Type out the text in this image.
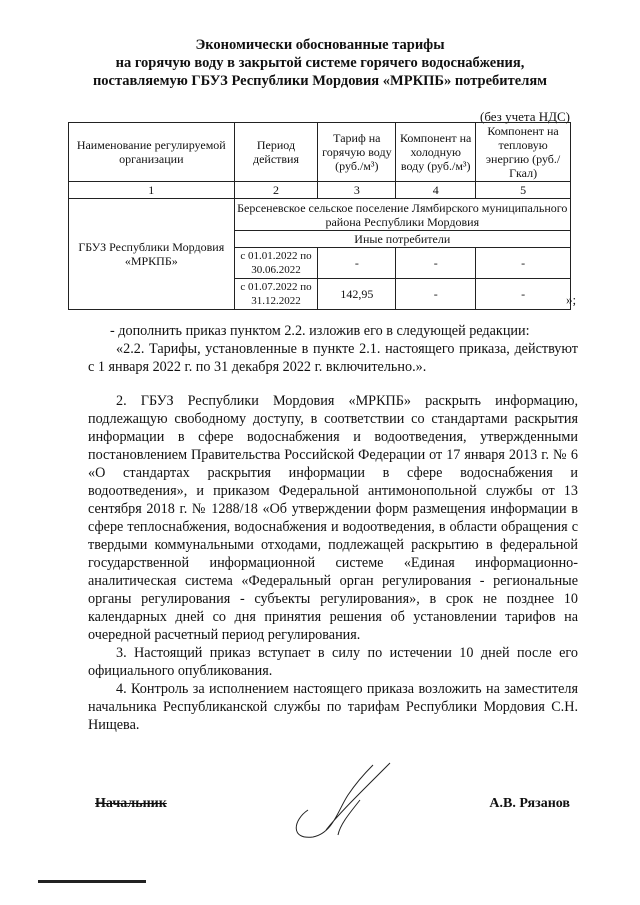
Экономически обоснованные тарифы
на горячую воду в закрытой системе горячего водоснабжения,
поставляемую ГБУЗ Республики Мордовия «МРКПБ» потребителям
(без учета НДС)
Наименование регулируемой организации	Период действия	Тариф на горячую воду (руб./м³)	Компонент на холодную воду (руб./м³)	Компонент на тепловую энергию (руб./Гкал)
1	2	3	4	5
ГБУЗ Республики Мордовия «МРКПБ»	Берсеневское сельское поселение Лямбирского муниципального района Республики Мордовия			
	Иные потребители			
	с 01.01.2022 по 30.06.2022	-	-	-
	с 01.07.2022 по 31.12.2022	142,95	-	-	»;

- дополнить приказ пунктом 2.2. изложив его в следующей редакции:

«2.2. Тарифы, установленные в пункте 2.1. настоящего приказа, действуют с 1 января 2022 г. по 31 декабря 2022 г. включительно.».

2. ГБУЗ Республики Мордовия «МРКПБ» раскрыть информацию, подлежащую свободному доступу, в соответствии со стандартами раскрытия информации в сфере водоснабжения и водоотведения, утвержденными постановлением Правительства Российской Федерации от 17 января 2013 г. № 6 «О стандартах раскрытия информации в сфере водоснабжения и водоотведения», и приказом Федеральной антимонопольной службы от 13 сентября 2018 г. № 1288/18 «Об утверждении форм размещения информации в сфере теплоснабжения, водоснабжения и водоотведения, в области обращения с твердыми коммунальными отходами, подлежащей раскрытию в федеральной государственной информационной системе «Единая информационно-аналитическая система «Федеральный орган регулирования - региональные органы регулирования - субъекты регулирования», в срок не позднее 10 календарных дней со дня принятия решения об установлении тарифов на очередной расчетный период регулирования.

3. Настоящий приказ вступает в силу по истечении 10 дней после его официального опубликования.

4. Контроль за исполнением настоящего приказа возложить на заместителя начальника Республиканской службы по тарифам Республики Мордовия С.Н. Нищева.

Начальник	А.В. Рязанов
